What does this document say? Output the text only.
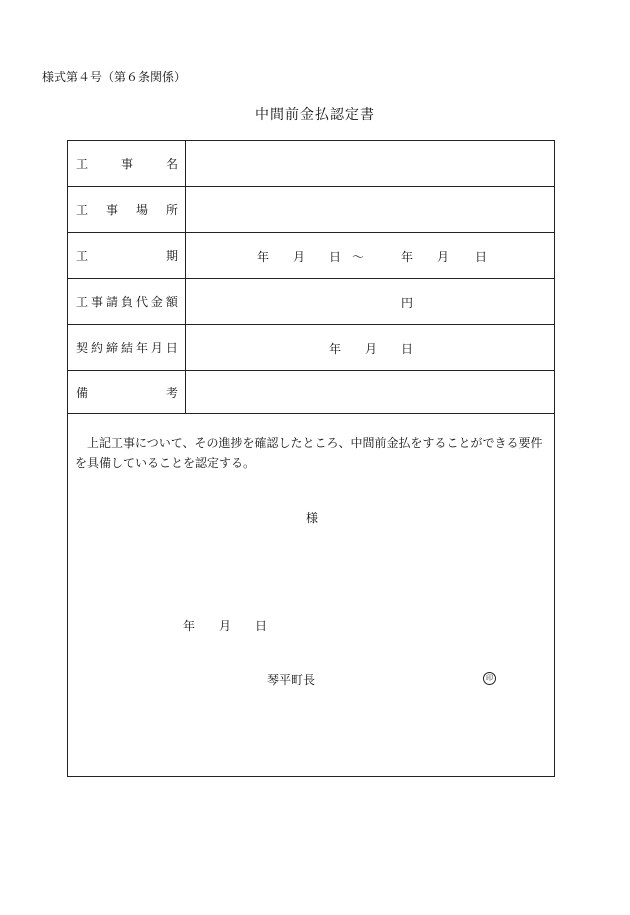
様式第４号（第６条関係）
中間前金払認定書
工	事	名
工 事 場 所
工	期	年 月 日 ～	年 月 日
工 事 請 負 代 金 額	円
契 約 締 結 年 月 日	年 月 日
備	考
上記工事について、その進捗を確認したところ、中間前金払をすることができる要件を具備していることを認定する。
様
年 月 日
琴平町長	印
